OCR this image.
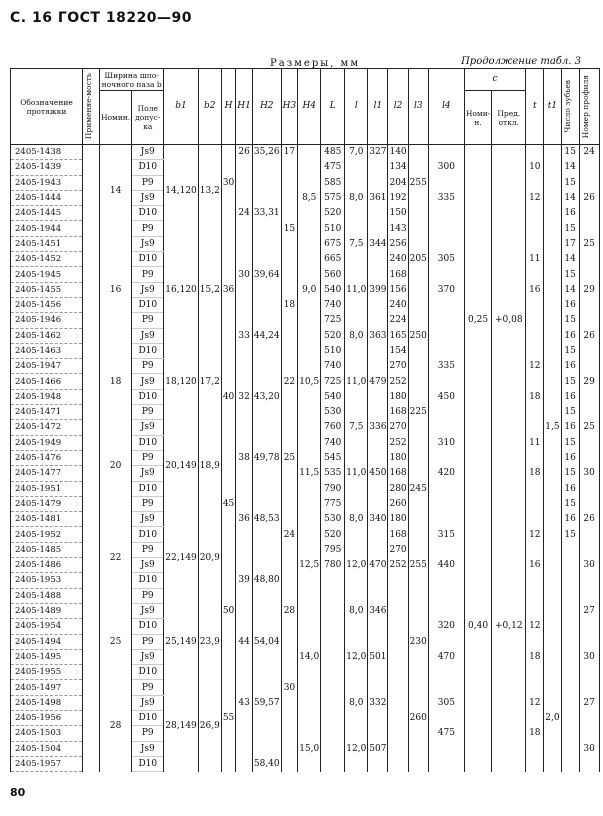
С. 16 ГОСТ 18220—90
Размеры, мм	Продолжение табл. 3
Обозначение протяжки	Применяе-мость	Ширина шпо-ночного паза b		b1	b2	H	H1	H2	H3	H4	L	l	l1	l2	l3	l4	c		t	t1	Число зубьев	Номер профиля

		Номин.	Поле допус-ка														Номи-н.	Пред. откл.				
2405-1438		14	Js9	14,120	13,2		26	35,26	17		485	7,0	327	140							15	24
2405-1439			D10								475			134		300			10		14	
2405-1943			P9			30					585			204	255						15	
2405-1444			Js9							8,5	575	8,0	361	192		335			12		14	26
2405-1445			D10				24	33,31			520			150							16	
2405-1944			P9						15		510			143							15	
2405-1451		16	Js9	16,120	15,2						675	7,5	344	256							17	25
2405-1452			D10								665			240	205	305			11		14	
2405-1945			P9				30	39,64			560			168							15	
2405-1455			Js9			36				9,0	540	11,0	399	156		370			16		14	29
2405-1456			D10						18		740			240							16	
2405-1946			P9								725			224			0,25	+0,08			15	
2405-1462			Js9				33	44,24			520	8,0	363	165	250						16	26
2405-1463		18	D10	18,120	17,2						510			154							15	
2405-1947			P9								740			270		335			12		16	
2405-1466			Js9						22	10,5	725	11,0	479	252							15	29
2405-1948			D10			40	32	43,20			540			180		450			18		16	
2405-1471			P9								530			168	225						15	
2405-1472		20	Js9	20,149	18,9						760	7,5	336	270						1,5	16	25
2405-1949			D10								740			252		310			11		15	
2405-1476			P9				38	49,78	25		545			180							16	
2405-1477			Js9							11,5	535	11,0	450	168		420			18		15	30
2405-1951			D10								790			280	245						16	
2405-1479			P9			45					775			260							15	
2405-1481		22	Js9	22,149	20,9		36	48,53			530	8,0	340	180							16	26
2405-1952			D10						24		520			168		315			12		15	
2405-1485			P9								795			270								
2405-1486			Js9							12,5	780	12,0	470	252	255	440			16			30
2405-1953			D10				39	48,80														
2405-1488			P9																			
2405-1489		25	Js9	25,149	23,9	50			28			8,0	346									27
2405-1954			D10													320	0,40	+0,12	12			
2405-1494			P9				44	54,04							230							
2405-1495			Js9							14,0		12,0	501			470			18			30
2405-1955			D10																			
2405-1497		28	P9	28,149	26,9				30													
2405-1498			Js9				43	59,57				8,0	332			305			12			27
2405-1956			D10			55									260					2,0		
2405-1503			P9													475			18			
2405-1504			Js9							15,0		12,0	507									30
2405-1957			D10					58,40														
80
